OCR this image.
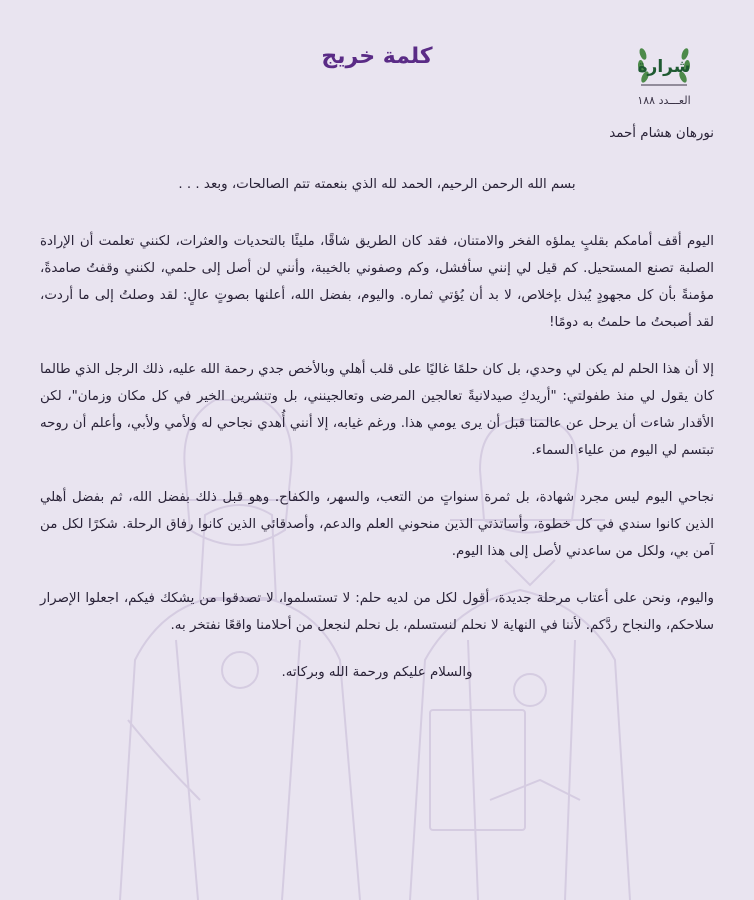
شرارة
العـــدد ١٨٨
كلمة خريج

نورهان هشام أحمد

بسم الله الرحمن الرحيم، الحمد لله الذي بنعمته تتم الصالحات، وبعد . . .

اليوم أقف أمامكم بقلبٍ يملؤه الفخر والامتنان، فقد كان الطريق شاقًا، مليئًا بالتحديات والعثرات، لكنني تعلمت أن الإرادة الصلبة تصنع المستحيل. كم قيل لي إنني سأفشل، وكم وصفوني بالخيبة، وأنني لن أصل إلى حلمي، لكنني وقفتُ صامدةً، مؤمنةً بأن كل مجهودٍ يُبذل بإخلاص، لا بد أن يُؤتي ثماره. واليوم، بفضل الله، أعلنها بصوتٍ عالٍ: لقد وصلتُ إلى ما أردت، لقد أصبحتُ ما حلمتُ به دومًا!

إلا أن هذا الحلم لم يكن لي وحدي، بل كان حلمًا غاليًا على قلب أهلي وبالأخص جدي رحمة الله عليه، ذلك الرجل الذي طالما كان يقول لي منذ طفولتي: "أريدكِ صيدلانيةً تعالجين المرضى وتعالجينني، بل وتنشرين الخير في كل مكان وزمان"، لكن الأقدار شاءت أن يرحل عن عالمنا قبل أن يرى يومي هذا. ورغم غيابه، إلا أنني أُهدي نجاحي له ولأمي ولأبي، وأعلم أن روحه تبتسم لي اليوم من علياء السماء.

نجاحي اليوم ليس مجرد شهادة، بل ثمرة سنواتٍ من التعب، والسهر، والكفاح. وهو قبل ذلك بفضل الله، ثم بفضل أهلي الذين كانوا سندي في كل خطوة، وأساتذتي الذين منحوني العلم والدعم، وأصدقائي الذين كانوا رفاق الرحلة. شكرًا لكل من آمن بي، ولكل من ساعدني لأصل إلى هذا اليوم.

واليوم، ونحن على أعتاب مرحلة جديدة، أقول لكل من لديه حلم: لا تستسلموا، لا تصدقوا من يشكك فيكم، اجعلوا الإصرار سلاحكم، والنجاح ردَّكم. لأننا في النهاية لا نحلم لنستسلم، بل نحلم لنجعل من أحلامنا واقعًا نفتخر به.

والسلام عليكم ورحمة الله وبركاته.
